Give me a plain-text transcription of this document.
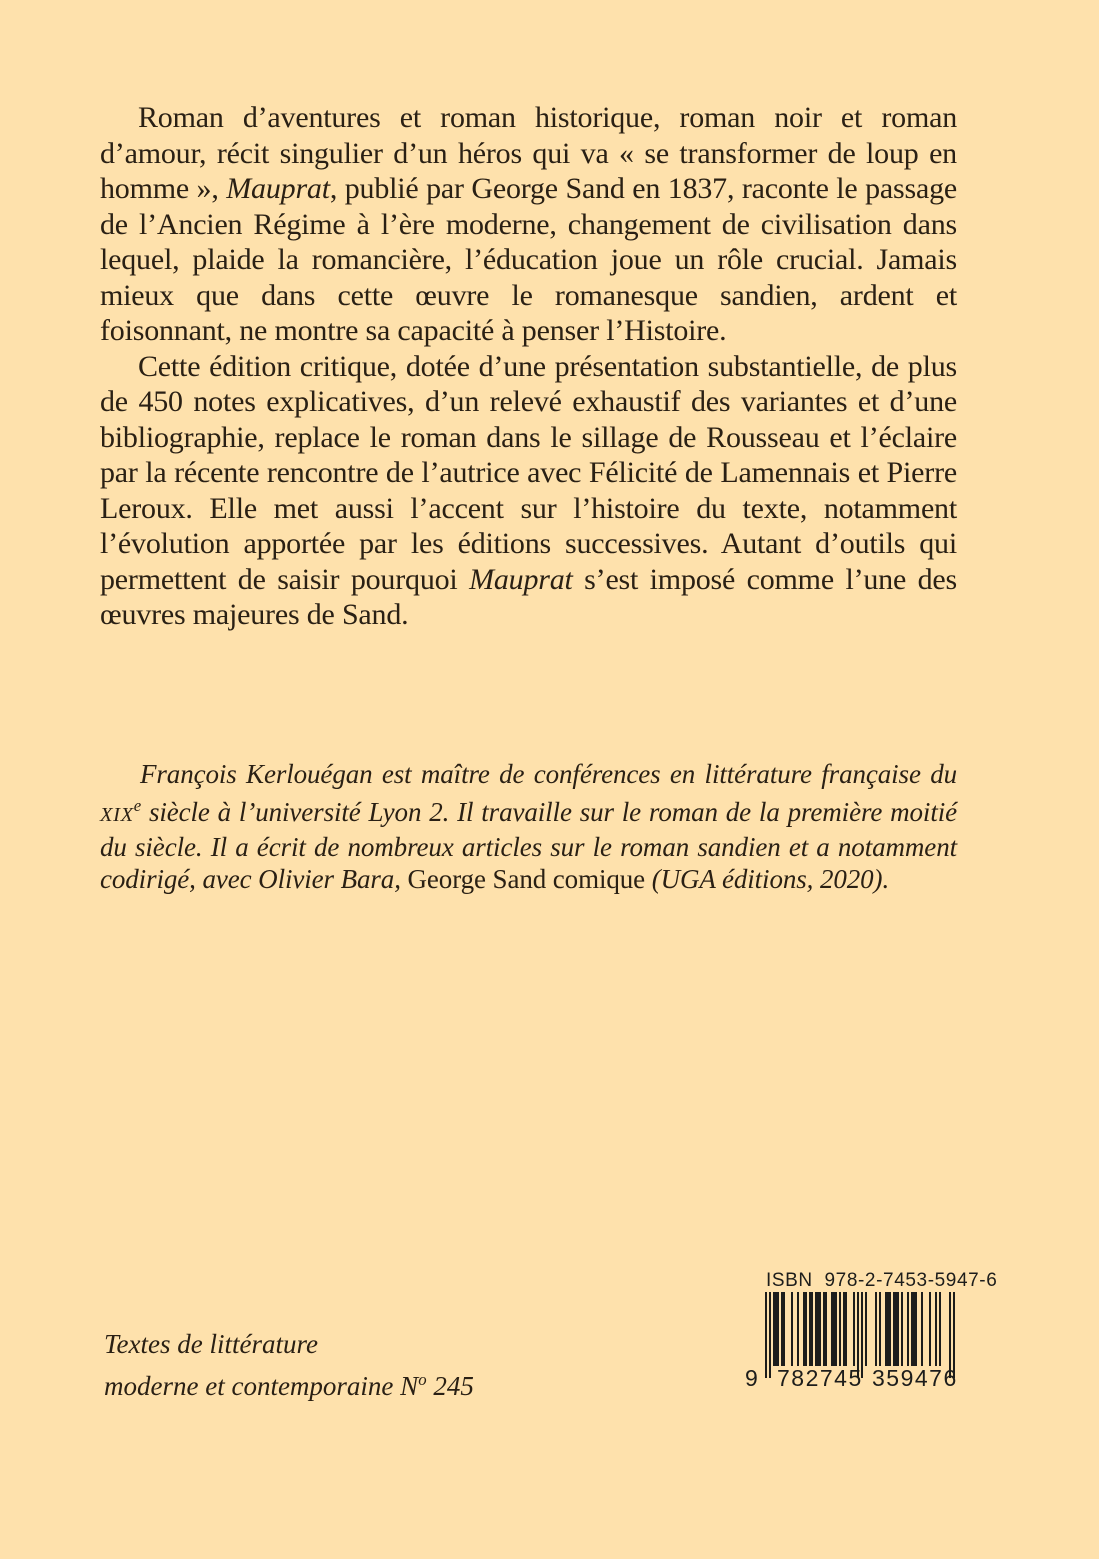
Roman d’aventures et roman historique, roman noir et roman d’amour, récit singulier d’un héros qui va « se transformer de loup en homme », Mauprat, publié par George Sand en 1837, raconte le passage de l’Ancien Régime à l’ère moderne, changement de civilisation dans lequel, plaide la romancière, l’éducation joue un rôle crucial. Jamais mieux que dans cette œuvre le romanesque sandien, ardent et foisonnant, ne montre sa capacité à penser l’Histoire.

Cette édition critique, dotée d’une présentation substantielle, de plus de 450 notes explicatives, d’un relevé exhaustif des variantes et d’une bibliographie, replace le roman dans le sillage de Rousseau et l’éclaire par la récente rencontre de l’autrice avec Félicité de Lamennais et Pierre Leroux. Elle met aussi l’accent sur l’histoire du texte, notamment l’évolution apportée par les éditions successives. Autant d’outils qui permettent de saisir pourquoi Mauprat s’est imposé comme l’une des œuvres majeures de Sand.

François Kerlouégan est maître de conférences en littérature française du XIXe siècle à l’université Lyon 2. Il travaille sur le roman de la première moitié du siècle. Il a écrit de nombreux articles sur le roman sandien et a notamment codirigé, avec Olivier Bara, George Sand comique (UGA éditions, 2020).

Textes de littérature
moderne et contemporaine $N^o$ 245
ISBN  978-2-7453-5947-6
9 782745 359476
